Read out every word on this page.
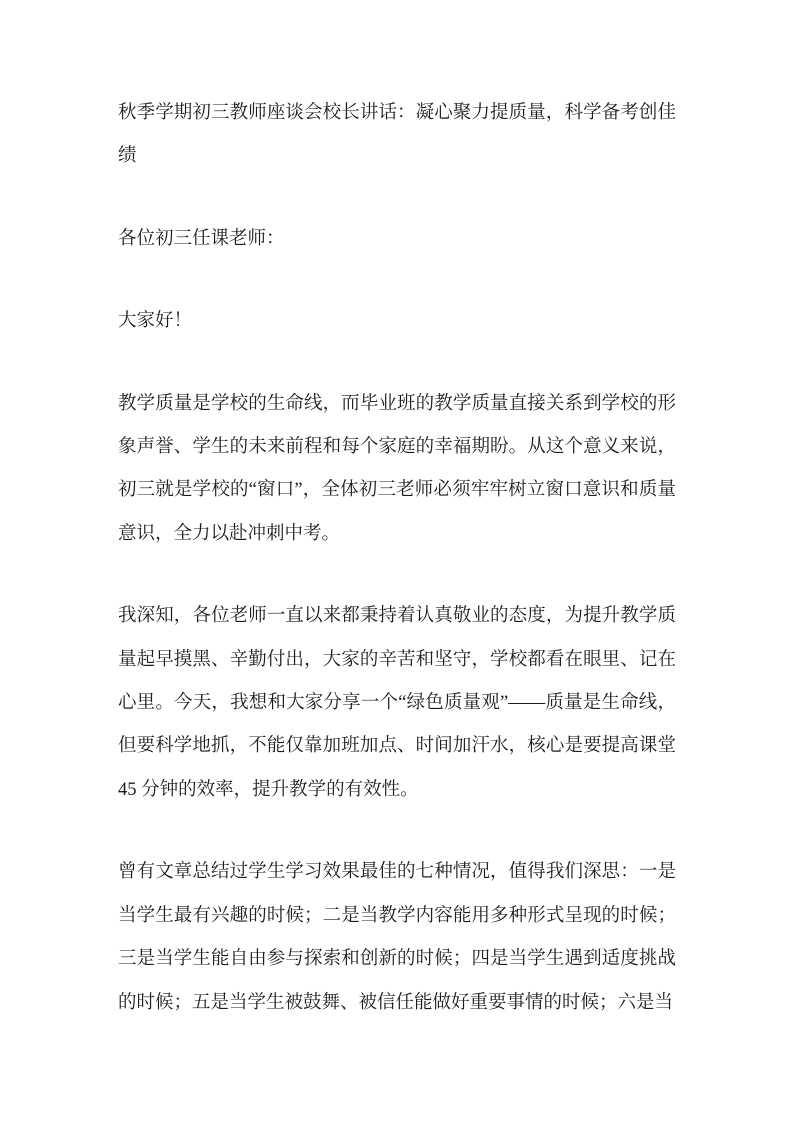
秋季学期初三教师座谈会校长讲话：凝心聚力提质量，科学备考创佳绩

各位初三任课老师：

大家好！

教学质量是学校的生命线，而毕业班的教学质量直接关系到学校的形象声誉、学生的未来前程和每个家庭的幸福期盼。从这个意义来说，初三就是学校的“窗口”，全体初三老师必须牢牢树立窗口意识和质量意识，全力以赴冲刺中考。

我深知，各位老师一直以来都秉持着认真敬业的态度，为提升教学质量起早摸黑、辛勤付出，大家的辛苦和坚守，学校都看在眼里、记在心里。今天，我想和大家分享一个“绿色质量观”——质量是生命线，但要科学地抓，不能仅靠加班加点、时间加汗水，核心是要提高课堂 45 分钟的效率，提升教学的有效性。

曾有文章总结过学生学习效果最佳的七种情况，值得我们深思：一是当学生最有兴趣的时候；二是当教学内容能用多种形式呈现的时候；三是当学生能自由参与探索和创新的时候；四是当学生遇到适度挑战的时候；五是当学生被鼓舞、被信任能做好重要事情的时候；六是当
